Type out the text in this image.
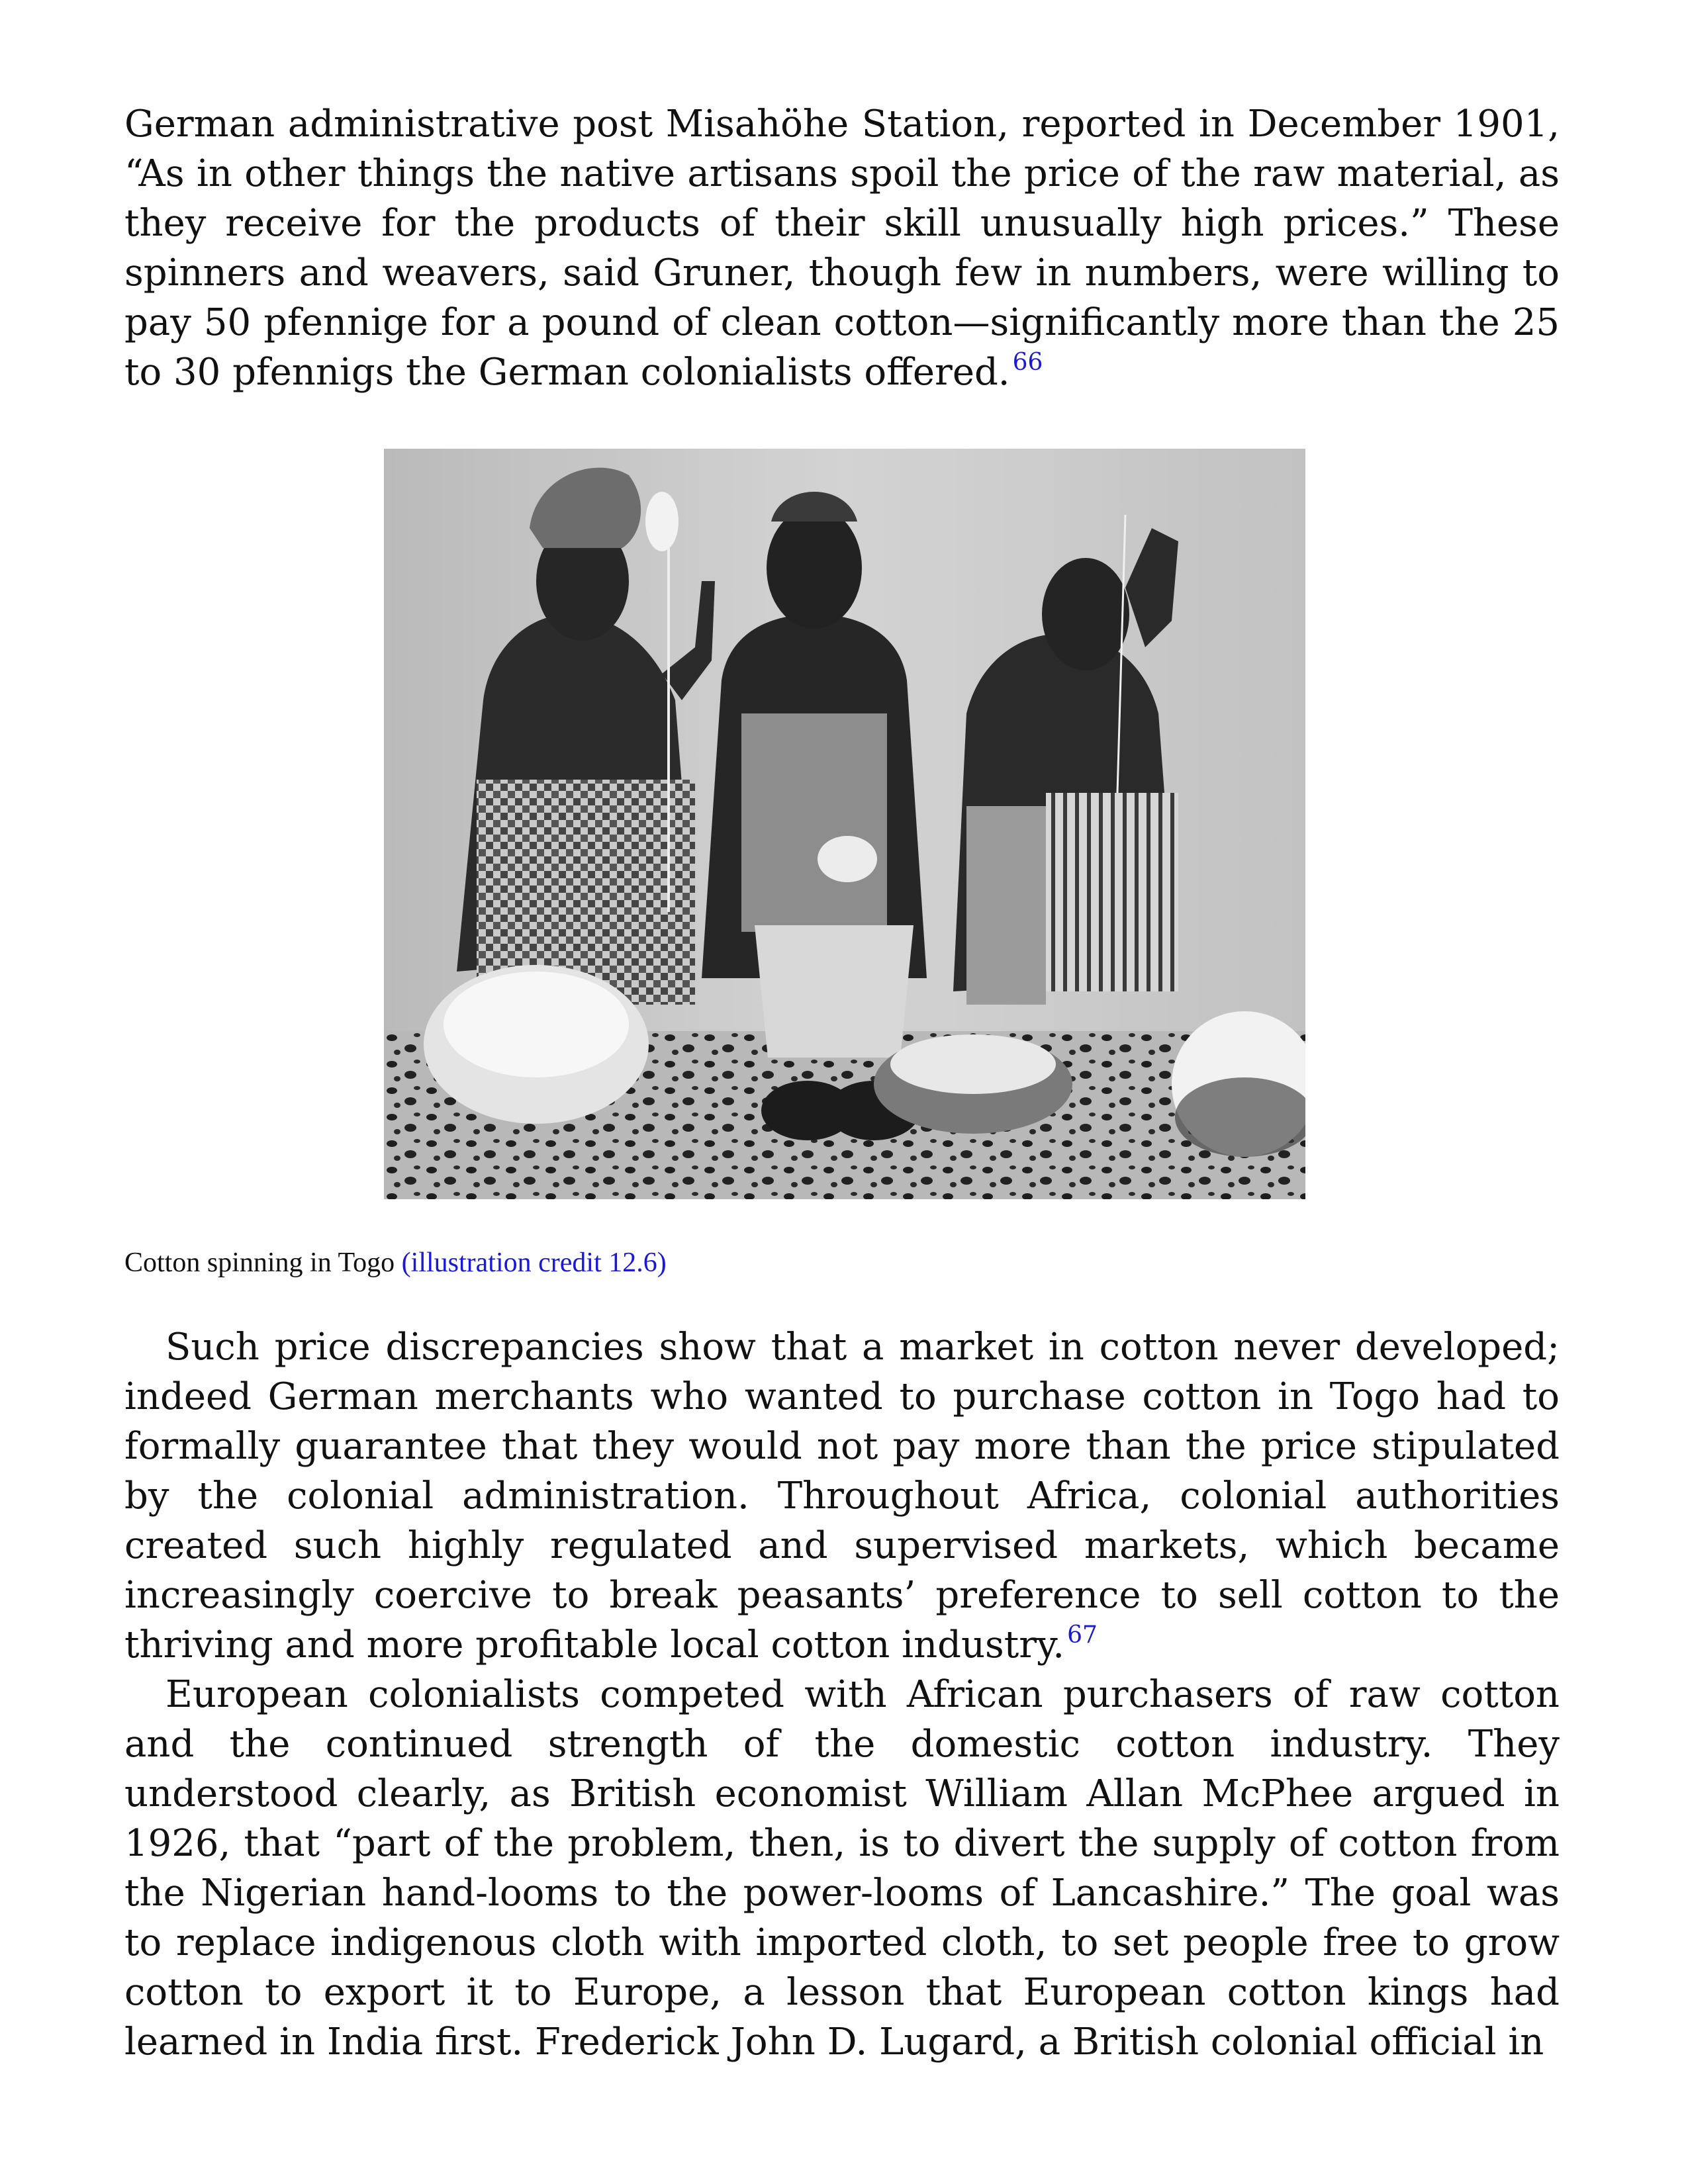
German administrative post Misahöhe Station, reported in December 1901, “As in other things the native artisans spoil the price of the raw material, as they receive for the products of their skill unusually high prices.” These spinners and weavers, said Gruner, though few in numbers, were willing to pay 50 pfennige for a pound of clean cotton—significantly more than the 25 to 30 pfennigs the German colonialists offered. $^{66}$

Cotton spinning in Togo (illustration credit 12.6)

Such price discrepancies show that a market in cotton never developed; indeed German merchants who wanted to purchase cotton in Togo had to formally guarantee that they would not pay more than the price stipulated by the colonial administration. Throughout Africa, colonial authorities created such highly regulated and supervised markets, which became increasingly coercive to break peasants’ preference to sell cotton to the thriving and more profitable local cotton industry. $^{67}$

European colonialists competed with African purchasers of raw cotton and the continued strength of the domestic cotton industry. They understood clearly, as British economist William Allan McPhee argued in 1926, that “part of the problem, then, is to divert the supply of cotton from the Nigerian hand-looms to the power-looms of Lancashire.” The goal was to replace indigenous cloth with imported cloth, to set people free to grow cotton to export it to Europe, a lesson that European cotton kings had learned in India first. Frederick John D. Lugard, a British colonial official in
